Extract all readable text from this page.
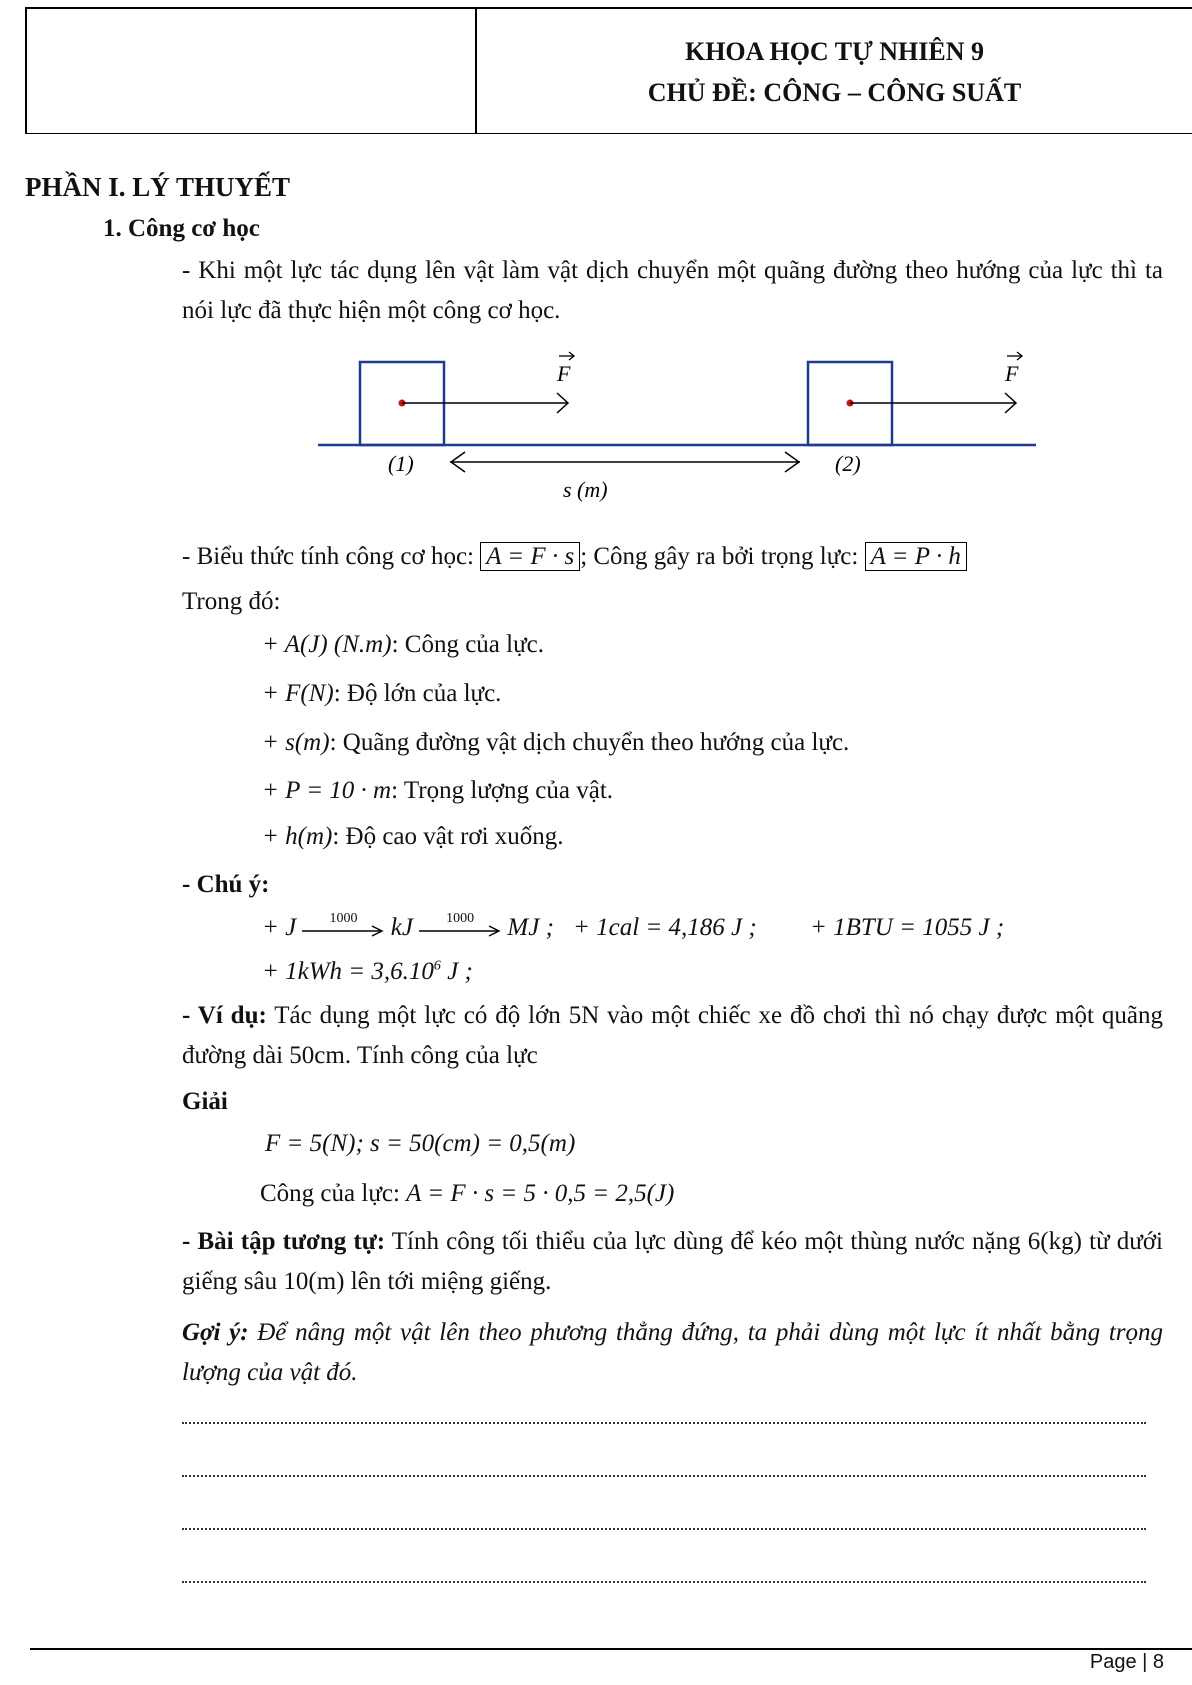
KHOA HỌC TỰ NHIÊN 9
CHỦ ĐỀ: CÔNG – CÔNG SUẤT
PHẦN I. LÝ THUYẾT
1. Công cơ học
- Khi một lực tác dụng lên vật làm vật dịch chuyển một quãng đường theo hướng của lực thì ta nói lực đã thực hiện một công cơ học.
F	F
(1)	(2)
s (m)
- Biểu thức tính công cơ học: A = F · s ; Công gây ra bởi trọng lực: A = P · h
Trong đó:
+ A(J) (N.m): Công của lực.
+ F(N): Độ lớn của lực.
+ s(m): Quãng đường vật dịch chuyển theo hướng của lực.
+ P = 10 · m: Trọng lượng của vật.
+ h(m): Độ cao vật rơi xuống.
- Chú ý:
+ J	1000	kJ	1000	MJ ; + 1cal = 4,186 J ; + 1BTU = 1055 J ;
+ $1kWh = 3,6.10^6$ J ;
- Ví dụ: Tác dụng một lực có độ lớn 5N vào một chiếc xe đồ chơi thì nó chạy được một quãng đường dài 50cm. Tính công của lực
Giải
F = 5(N); s = 50(cm) = 0,5(m)
Công của lực: A = F · s = 5 · 0,5 = 2,5(J)
- Bài tập tương tự: Tính công tối thiểu của lực dùng để kéo một thùng nước nặng 6(kg) từ dưới giếng sâu 10(m) lên tới miệng giếng.
Gợi ý: Để nâng một vật lên theo phương thẳng đứng, ta phải dùng một lực ít nhất bằng trọng lượng của vật đó.
Page | 8
